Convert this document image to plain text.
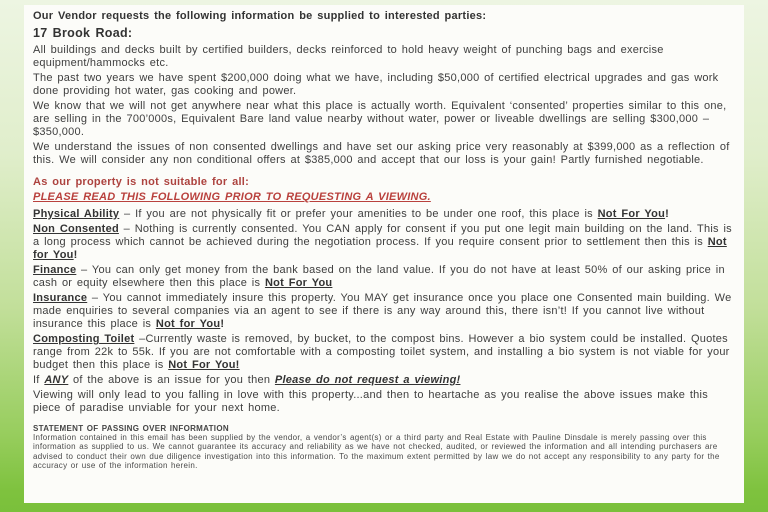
Our Vendor requests the following information be supplied to interested parties:

17 Brook Road:

All buildings and decks built by certified builders, decks reinforced to hold heavy weight of punching bags and exercise equipment/hammocks etc.

The past two years we have spent $200,000 doing what we have, including $50,000 of certified electrical upgrades and gas work done providing hot water, gas cooking and power.

We know that we will not get anywhere near what this place is actually worth. Equivalent ‘consented’ properties similar to this one, are selling in the 700’000s, Equivalent Bare land value nearby without water, power or liveable dwellings are selling $300,000 – $350,000.

We understand the issues of non consented dwellings and have set our asking price very reasonably at $399,000 as a reflection of this. We will consider any non conditional offers at $385,000 and accept that our loss is your gain! Partly furnished negotiable.

As our property is not suitable for all:

PLEASE READ THIS FOLLOWING PRIOR TO REQUESTING A VIEWING.

Physical Ability – If you are not physically fit or prefer your amenities to be under one roof, this place is Not For You!

Non Consented – Nothing is currently consented. You CAN apply for consent if you put one legit main building on the land. This is a long process which cannot be achieved during the negotiation process. If you require consent prior to settlement then this is Not for You!

Finance – You can only get money from the bank based on the land value. If you do not have at least 50% of our asking price in cash or equity elsewhere then this place is Not For You

Insurance – You cannot immediately insure this property. You MAY get insurance once you place one Consented main building. We made enquiries to several companies via an agent to see if there is any way around this, there isn’t! If you cannot live without insurance this place is Not for You!

Composting Toilet –Currently waste is removed, by bucket, to the compost bins. However a bio system could be installed. Quotes range from 22k to 55k. If you are not comfortable with a composting toilet system, and installing a bio system is not viable for your budget then this place is Not For You!

If ANY of the above is an issue for you then Please do not request a viewing!

Viewing will only lead to you falling in love with this property...and then to heartache as you realise the above issues make this piece of paradise unviable for your next home.

STATEMENT OF PASSING OVER INFORMATION

Information contained in this email has been supplied by the vendor, a vendor’s agent(s) or a third party and Real Estate with Pauline Dinsdale is merely passing over this information as supplied to us. We cannot guarantee its accuracy and reliability as we have not checked, audited, or reviewed the information and all intending purchasers are advised to conduct their own due diligence investigation into this information. To the maximum extent permitted by law we do not accept any responsibility to any party for the accuracy or use of the information herein.
